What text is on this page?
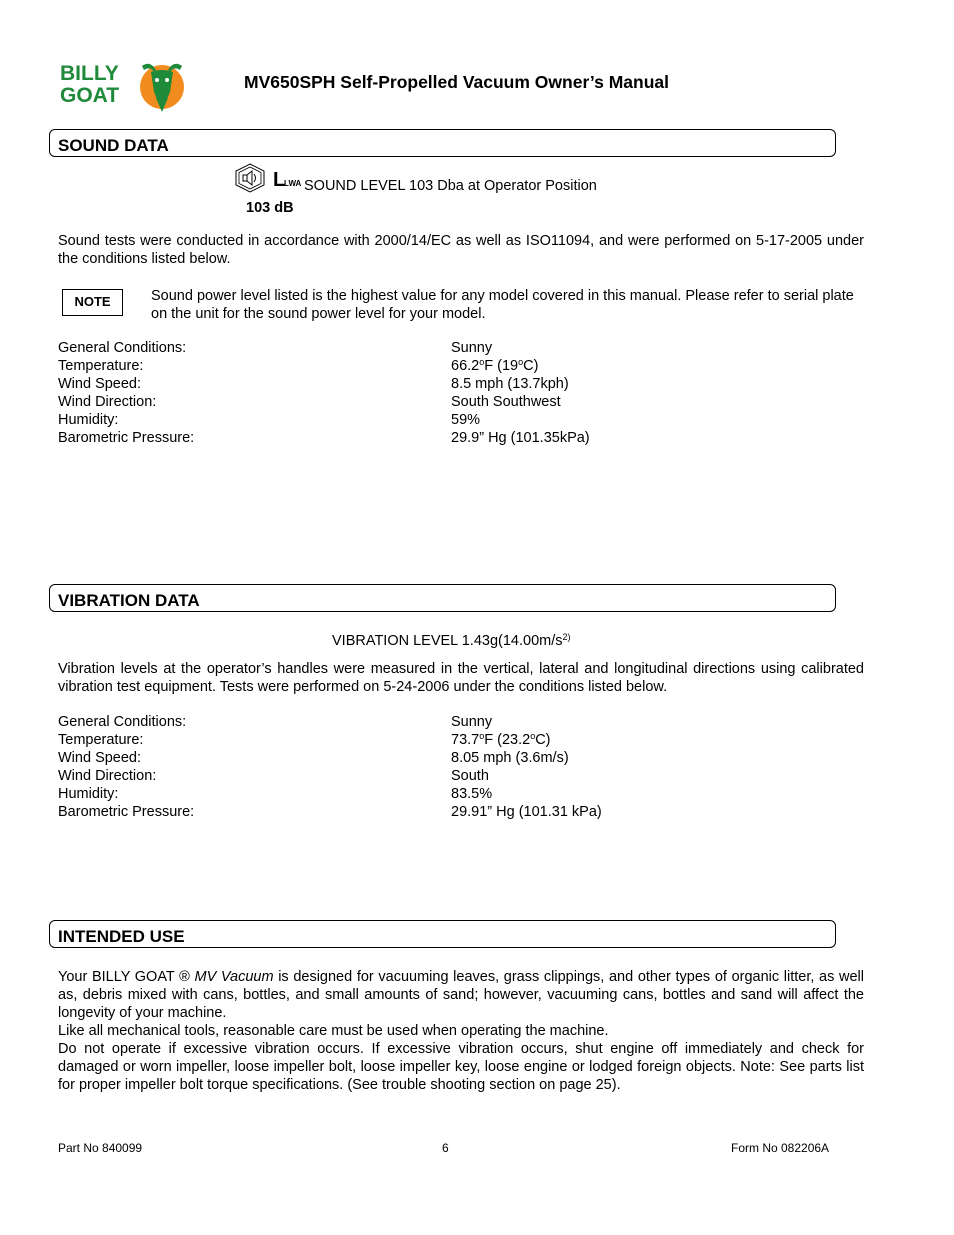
BILLY
GOAT
MV650SPH Self-Propelled Vacuum Owner’s Manual
SOUND DATA
L
LWA SOUND LEVEL 103 Dba at Operator Position
103 dB
Sound tests were conducted in accordance with 2000/14/EC as well as ISO11094, and were performed on 5-17-2005 under the conditions listed below.
NOTE	Sound power level listed is the highest value for any model covered in this manual. Please refer to serial plate on the unit for the sound power level for your model.
General Conditions:	Sunny
Temperature:	66.2$^o$F (19$^o$C)
Wind Speed:	8.5 mph (13.7kph)
Wind Direction:	South Southwest
Humidity:	59%
Barometric Pressure:	29.9” Hg (101.35kPa)
VIBRATION DATA
VIBRATION LEVEL $1.43g(14.00m/s^{2)}$
Vibration levels at the operator’s handles were measured in the vertical, lateral and longitudinal directions using calibrated vibration test equipment. Tests were performed on 5-24-2006 under the conditions listed below.
General Conditions:	Sunny
Temperature:	73.7$^o$F (23.2$^o$C)
Wind Speed:	8.05 mph (3.6m/s)
Wind Direction:	South
Humidity:	83.5%
Barometric Pressure:	29.91” Hg (101.31 kPa)
INTENDED USE
Your BILLY GOAT ® MV Vacuum is designed for vacuuming leaves, grass clippings, and other types of organic litter, as well as, debris mixed with cans, bottles, and small amounts of sand; however, vacuuming cans, bottles and sand will affect the longevity of your machine.
Like all mechanical tools, reasonable care must be used when operating the machine.
Do not operate if excessive vibration occurs. If excessive vibration occurs, shut engine off immediately and check for damaged or worn impeller, loose impeller bolt, loose impeller key, loose engine or lodged foreign objects. Note: See parts list for proper impeller bolt torque specifications. (See trouble shooting section on page 25).
Part No 840099	6	Form No 082206A
